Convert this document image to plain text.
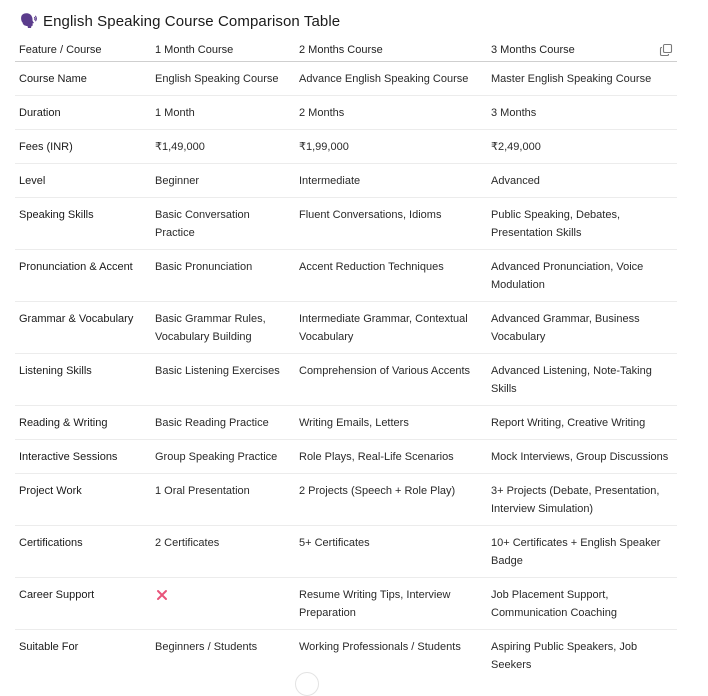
English Speaking Course Comparison Table
Feature / Course	1 Month Course	2 Months Course	3 Months Course
Course Name	English Speaking Course	Advance English Speaking Course	Master English Speaking Course
Duration	1 Month	2 Months	3 Months
Fees (INR)	₹1,49,000	₹1,99,000	₹2,49,000
Level	Beginner	Intermediate	Advanced
Speaking Skills	Basic Conversation Practice	Fluent Conversations, Idioms	Public Speaking, Debates, Presentation Skills
Pronunciation & Accent	Basic Pronunciation	Accent Reduction Techniques	Advanced Pronunciation, Voice Modulation
Grammar & Vocabulary	Basic Grammar Rules, Vocabulary Building	Intermediate Grammar, Contextual Vocabulary	Advanced Grammar, Business Vocabulary
Listening Skills	Basic Listening Exercises	Comprehension of Various Accents	Advanced Listening, Note-Taking Skills
Reading & Writing	Basic Reading Practice	Writing Emails, Letters	Report Writing, Creative Writing
Interactive Sessions	Group Speaking Practice	Role Plays, Real-Life Scenarios	Mock Interviews, Group Discussions
Project Work	1 Oral Presentation	2 Projects (Speech + Role Play)	3+ Projects (Debate, Presentation, Interview Simulation)
Certifications	2 Certificates	5+ Certificates	10+ Certificates + English Speaker Badge
Career Support		Resume Writing Tips, Interview Preparation	Job Placement Support, Communication Coaching
Suitable For	Beginners / Students	Working Professionals / Students	Aspiring Public Speakers, Job Seekers
